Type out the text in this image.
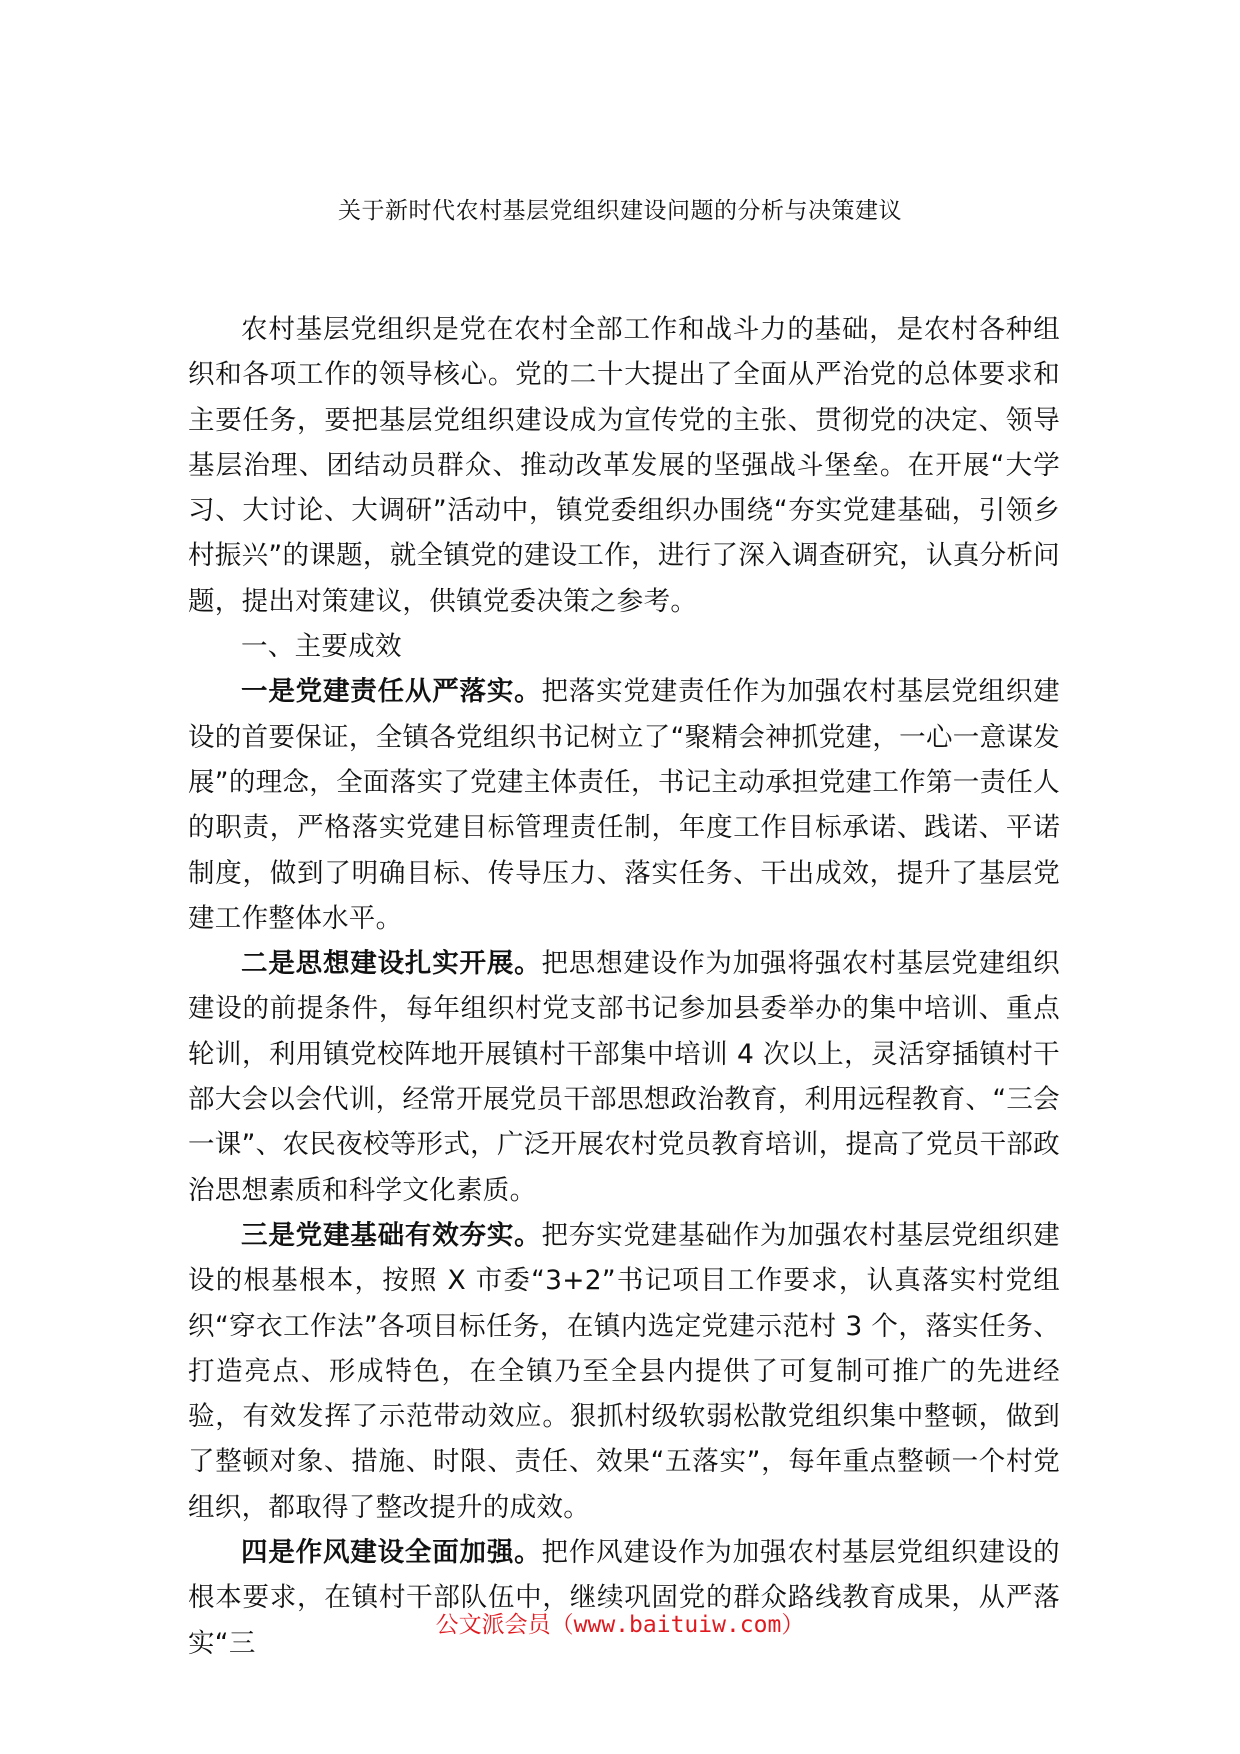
关于新时代农村基层党组织建设问题的分析与决策建议

农村基层党组织是党在农村全部工作和战斗力的基础，是农村各种组织和各项工作的领导核心。党的二十大提出了全面从严治党的总体要求和主要任务，要把基层党组织建设成为宣传党的主张、贯彻党的决定、领导基层治理、团结动员群众、推动改革发展的坚强战斗堡垒。在开展“大学习、大讨论、大调研”活动中，镇党委组织办围绕“夯实党建基础，引领乡村振兴”的课题，就全镇党的建设工作，进行了深入调查研究，认真分析问题，提出对策建议，供镇党委决策之参考。

一、主要成效

一是党建责任从严落实。把落实党建责任作为加强农村基层党组织建设的首要保证，全镇各党组织书记树立了“聚精会神抓党建，一心一意谋发展”的理念，全面落实了党建主体责任，书记主动承担党建工作第一责任人的职责，严格落实党建目标管理责任制，年度工作目标承诺、践诺、平诺制度，做到了明确目标、传导压力、落实任务、干出成效，提升了基层党建工作整体水平。

二是思想建设扎实开展。把思想建设作为加强将强农村基层党建组织建设的前提条件，每年组织村党支部书记参加县委举办的集中培训、重点轮训，利用镇党校阵地开展镇村干部集中培训 4 次以上，灵活穿插镇村干部大会以会代训，经常开展党员干部思想政治教育，利用远程教育、“三会一课”、农民夜校等形式，广泛开展农村党员教育培训，提高了党员干部政治思想素质和科学文化素质。

三是党建基础有效夯实。把夯实党建基础作为加强农村基层党组织建设的根基根本，按照 X 市委“3+2”书记项目工作要求，认真落实村党组织“穿衣工作法”各项目标任务，在镇内选定党建示范村 3 个，落实任务、打造亮点、形成特色，在全镇乃至全县内提供了可复制可推广的先进经验，有效发挥了示范带动效应。狠抓村级软弱松散党组织集中整顿，做到了整顿对象、措施、时限、责任、效果“五落实”，每年重点整顿一个村党组织，都取得了整改提升的成效。

四是作风建设全面加强。把作风建设作为加强农村基层党组织建设的根本要求，在镇村干部队伍中，继续巩固党的群众路线教育成果，从严落实“三

公文派会员（www.baituiw.com）
